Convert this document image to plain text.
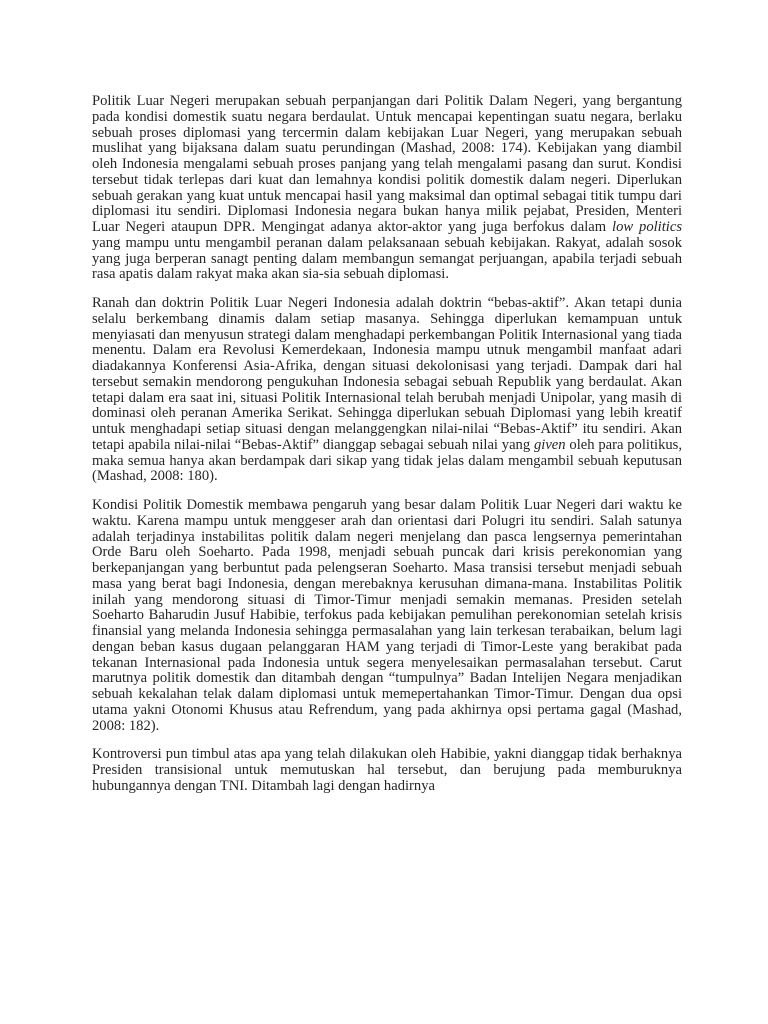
Politik Luar Negeri merupakan sebuah perpanjangan dari Politik Dalam Negeri, yang bergantung pada kondisi domestik suatu negara berdaulat. Untuk mencapai kepentingan suatu negara, berlaku sebuah proses diplomasi yang tercermin dalam kebijakan Luar Negeri, yang merupakan sebuah muslihat yang bijaksana dalam suatu perundingan (Mashad, 2008: 174). Kebijakan yang diambil oleh Indonesia mengalami sebuah proses panjang yang telah mengalami pasang dan surut. Kondisi tersebut tidak terlepas dari kuat dan lemahnya kondisi politik domestik dalam negeri. Diperlukan sebuah gerakan yang kuat untuk mencapai hasil yang maksimal dan optimal sebagai titik tumpu dari diplomasi itu sendiri. Diplomasi Indonesia negara bukan hanya milik pejabat, Presiden, Menteri Luar Negeri ataupun DPR. Mengingat adanya aktor-aktor yang juga berfokus dalam low politics yang mampu untu mengambil peranan dalam pelaksanaan sebuah kebijakan. Rakyat, adalah sosok yang juga berperan sanagt penting dalam membangun semangat perjuangan, apabila terjadi sebuah rasa apatis dalam rakyat maka akan sia-sia sebuah diplomasi.

Ranah dan doktrin Politik Luar Negeri Indonesia adalah doktrin “bebas-aktif”. Akan tetapi dunia selalu berkembang dinamis dalam setiap masanya. Sehingga diperlukan kemampuan untuk menyiasati dan menyusun strategi dalam menghadapi perkembangan Politik Internasional yang tiada menentu. Dalam era Revolusi Kemerdekaan, Indonesia mampu utnuk mengambil manfaat adari diadakannya Konferensi Asia-Afrika, dengan situasi dekolonisasi yang terjadi. Dampak dari hal tersebut semakin mendorong pengukuhan Indonesia sebagai sebuah Republik yang berdaulat. Akan tetapi dalam era saat ini, situasi Politik Internasional telah berubah menjadi Unipolar, yang masih di dominasi oleh peranan Amerika Serikat. Sehingga diperlukan sebuah Diplomasi yang lebih kreatif untuk menghadapi setiap situasi dengan melanggengkan nilai-nilai “Bebas-Aktif” itu sendiri. Akan tetapi apabila nilai-nilai “Bebas-Aktif” dianggap sebagai sebuah nilai yang given oleh para politikus, maka semua hanya akan berdampak dari sikap yang tidak jelas dalam mengambil sebuah keputusan (Mashad, 2008: 180).

Kondisi Politik Domestik membawa pengaruh yang besar dalam Politik Luar Negeri dari waktu ke waktu. Karena mampu untuk menggeser arah dan orientasi dari Polugri itu sendiri. Salah satunya adalah terjadinya instabilitas politik dalam negeri menjelang dan pasca lengsernya pemerintahan Orde Baru oleh Soeharto. Pada 1998, menjadi sebuah puncak dari krisis perekonomian yang berkepanjangan yang berbuntut pada pelengseran Soeharto. Masa transisi tersebut menjadi sebuah masa yang berat bagi Indonesia, dengan merebaknya kerusuhan dimana-mana. Instabilitas Politik inilah yang mendorong situasi di Timor-Timur menjadi semakin memanas. Presiden setelah Soeharto Baharudin Jusuf Habibie, terfokus pada kebijakan pemulihan perekonomian setelah krisis finansial yang melanda Indonesia sehingga permasalahan yang lain terkesan terabaikan, belum lagi dengan beban kasus dugaan pelanggaran HAM yang terjadi di Timor-Leste yang berakibat pada tekanan Internasional pada Indonesia untuk segera menyelesaikan permasalahan tersebut. Carut marutnya politik domestik dan ditambah dengan “tumpulnya” Badan Intelijen Negara menjadikan sebuah kekalahan telak dalam diplomasi untuk memepertahankan Timor-Timur. Dengan dua opsi utama yakni Otonomi Khusus atau Refrendum, yang pada akhirnya opsi pertama gagal (Mashad, 2008: 182).

Kontroversi pun timbul atas apa yang telah dilakukan oleh Habibie, yakni dianggap tidak berhaknya Presiden transisional untuk memutuskan hal tersebut, dan berujung pada memburuknya hubungannya dengan TNI. Ditambah lagi dengan hadirnya
